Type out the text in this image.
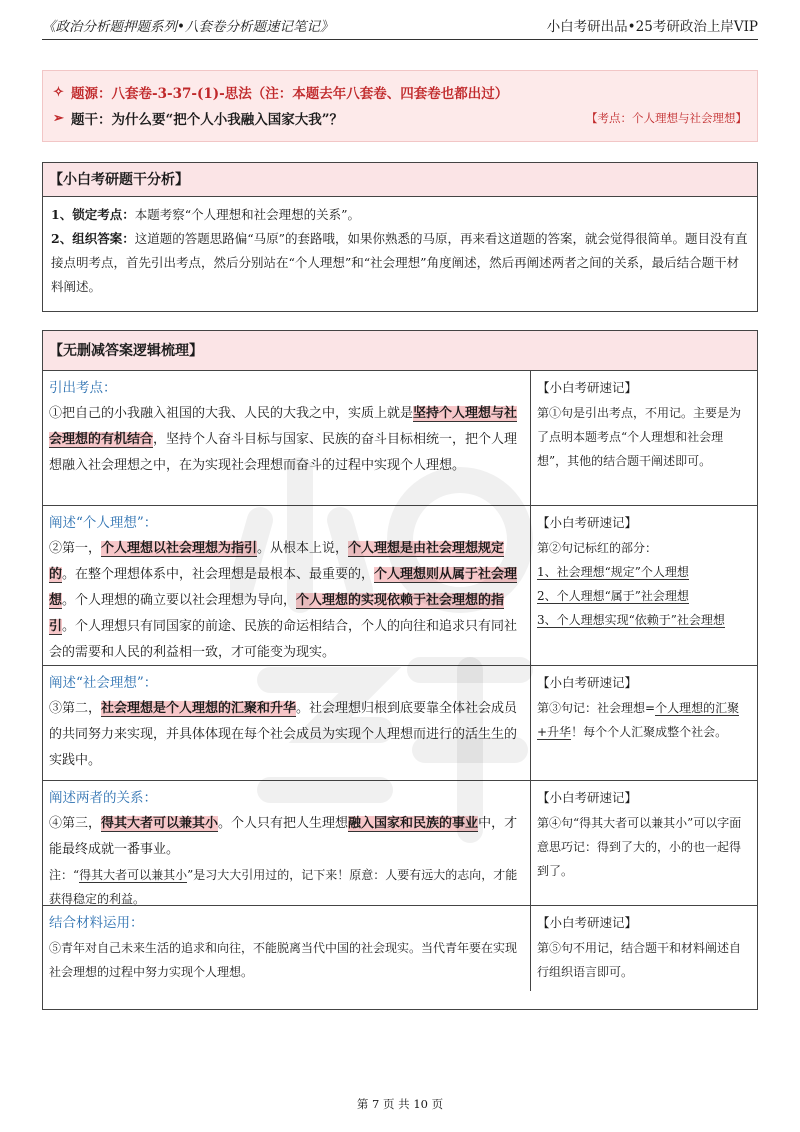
《政治分析题押题系列•八套卷分析题速记笔记》	小白考研出品•25考研政治上岸VIP
✧ 题源： 八套卷-3-37-(1)-思法（注：本题去年八套卷、四套卷也都出过）
➢ 题干： 为什么要“把个人小我融入国家大我”？	【考点：个人理想与社会理想】
【小白考研题干分析】

1、锁定考点：本题考察“个人理想和社会理想的关系”。

2、组织答案：这道题的答题思路偏“马原”的套路哦，如果你熟悉的马原，再来看这道题的答案，就会觉得很简单。题目没有直接点明考点，首先引出考点，然后分别站在“个人理想”和“社会理想”角度阐述，然后再阐述两者之间的关系，最后结合题干材料阐述。

【无删减答案逻辑梳理】
引出考点：
①把自己的小我融入祖国的大我、人民的大我之中，实质上就是坚持个人理想与社会理想的有机结合，坚持个人奋斗目标与国家、民族的奋斗目标相统一，把个人理想融入社会理想之中，在为实现社会理想而奋斗的过程中实现个人理想。
【小白考研速记】
第①句是引出考点，不用记。主要是为了点明本题考点“个人理想和社会理想”，其他的结合题干阐述即可。
阐述“个人理想”：
②第一，个人理想以社会理想为指引。从根本上说，个人理想是由社会理想规定的。在整个理想体系中，社会理想是最根本、最重要的，个人理想则从属于社会理想。个人理想的确立要以社会理想为导向，个人理想的实现依赖于社会理想的指引。个人理想只有同国家的前途、民族的命运相结合，个人的向往和追求只有同社会的需要和人民的利益相一致，才可能变为现实。
【小白考研速记】
第②句记标红的部分：
1、社会理想“规定”个人理想
2、个人理想“属于”社会理想
3、个人理想实现“依赖于”社会理想
阐述“社会理想”：
③第二，社会理想是个人理想的汇聚和升华。社会理想归根到底要靠全体社会成员的共同努力来实现，并具体体现在每个社会成员为实现个人理想而进行的活生生的实践中。
【小白考研速记】
第③句记：社会理想=个人理想的汇聚+升华！每个个人汇聚成整个社会。
阐述两者的关系：
④第三，得其大者可以兼其小。个人只有把人生理想融入国家和民族的事业中，才能最终成就一番事业。
注：“得其大者可以兼其小”是习大大引用过的，记下来！原意：人要有远大的志向，才能获得稳定的利益。
【小白考研速记】
第④句“得其大者可以兼其小”可以字面意思巧记：得到了大的，小的也一起得到了。
结合材料运用：
⑤青年对自己未来生活的追求和向往，不能脱离当代中国的社会现实。当代青年要在实现社会理想的过程中努力实现个人理想。
【小白考研速记】
第⑤句不用记，结合题干和材料阐述自行组织语言即可。
第 7 页 共 10 页
